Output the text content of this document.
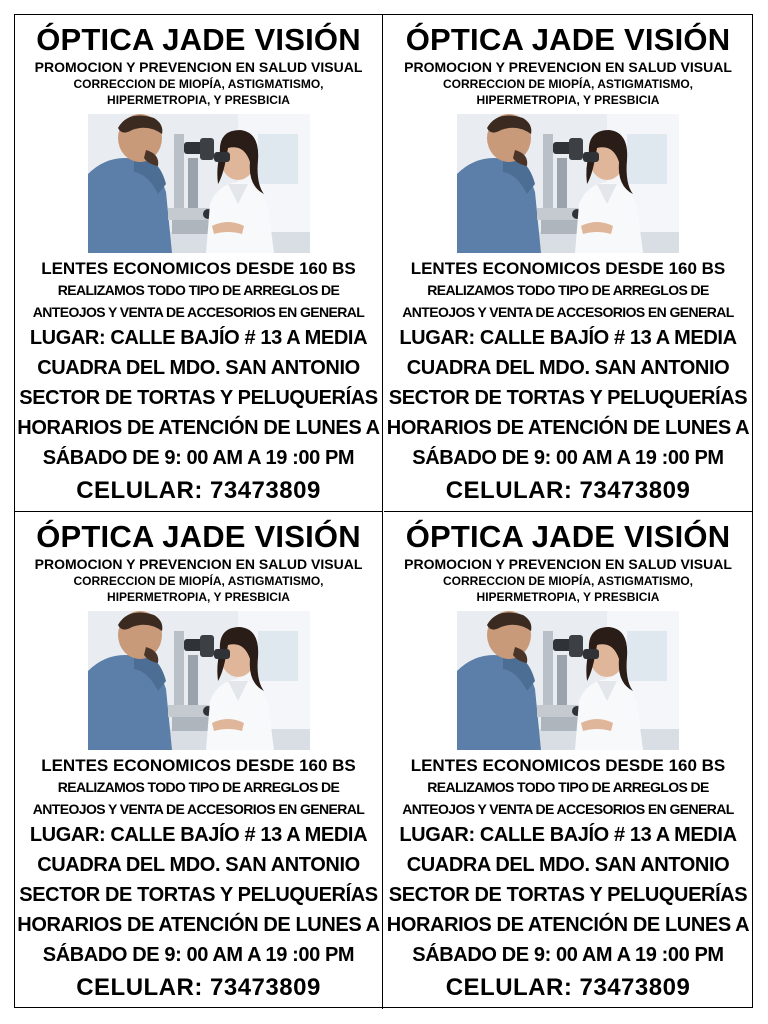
ÓPTICA JADE VISIÓN
PROMOCION Y PREVENCION EN SALUD VISUAL
CORRECCION DE MIOPÍA, ASTIGMATISMO,
HIPERMETROPIA, Y PRESBICIA
LENTES ECONOMICOS DESDE 160 BS
REALIZAMOS TODO TIPO DE ARREGLOS DE
ANTEOJOS Y VENTA DE ACCESORIOS EN GENERAL
LUGAR: CALLE BAJÍO # 13 A MEDIA
CUADRA DEL MDO. SAN ANTONIO
SECTOR DE TORTAS Y PELUQUERÍAS
HORARIOS DE ATENCIÓN DE LUNES A
SÁBADO DE 9: 00 AM A 19 :00 PM
CELULAR: 73473809
ÓPTICA JADE VISIÓN
PROMOCION Y PREVENCION EN SALUD VISUAL
CORRECCION DE MIOPÍA, ASTIGMATISMO,
HIPERMETROPIA, Y PRESBICIA
LENTES ECONOMICOS DESDE 160 BS
REALIZAMOS TODO TIPO DE ARREGLOS DE
ANTEOJOS Y VENTA DE ACCESORIOS EN GENERAL
LUGAR: CALLE BAJÍO # 13 A MEDIA
CUADRA DEL MDO. SAN ANTONIO
SECTOR DE TORTAS Y PELUQUERÍAS
HORARIOS DE ATENCIÓN DE LUNES A
SÁBADO DE 9: 00 AM A 19 :00 PM
CELULAR: 73473809
ÓPTICA JADE VISIÓN
PROMOCION Y PREVENCION EN SALUD VISUAL
CORRECCION DE MIOPÍA, ASTIGMATISMO,
HIPERMETROPIA, Y PRESBICIA
LENTES ECONOMICOS DESDE 160 BS
REALIZAMOS TODO TIPO DE ARREGLOS DE
ANTEOJOS Y VENTA DE ACCESORIOS EN GENERAL
LUGAR: CALLE BAJÍO # 13 A MEDIA
CUADRA DEL MDO. SAN ANTONIO
SECTOR DE TORTAS Y PELUQUERÍAS
HORARIOS DE ATENCIÓN DE LUNES A
SÁBADO DE 9: 00 AM A 19 :00 PM
CELULAR: 73473809
ÓPTICA JADE VISIÓN
PROMOCION Y PREVENCION EN SALUD VISUAL
CORRECCION DE MIOPÍA, ASTIGMATISMO,
HIPERMETROPIA, Y PRESBICIA
LENTES ECONOMICOS DESDE 160 BS
REALIZAMOS TODO TIPO DE ARREGLOS DE
ANTEOJOS Y VENTA DE ACCESORIOS EN GENERAL
LUGAR: CALLE BAJÍO # 13 A MEDIA
CUADRA DEL MDO. SAN ANTONIO
SECTOR DE TORTAS Y PELUQUERÍAS
HORARIOS DE ATENCIÓN DE LUNES A
SÁBADO DE 9: 00 AM A 19 :00 PM
CELULAR: 73473809
